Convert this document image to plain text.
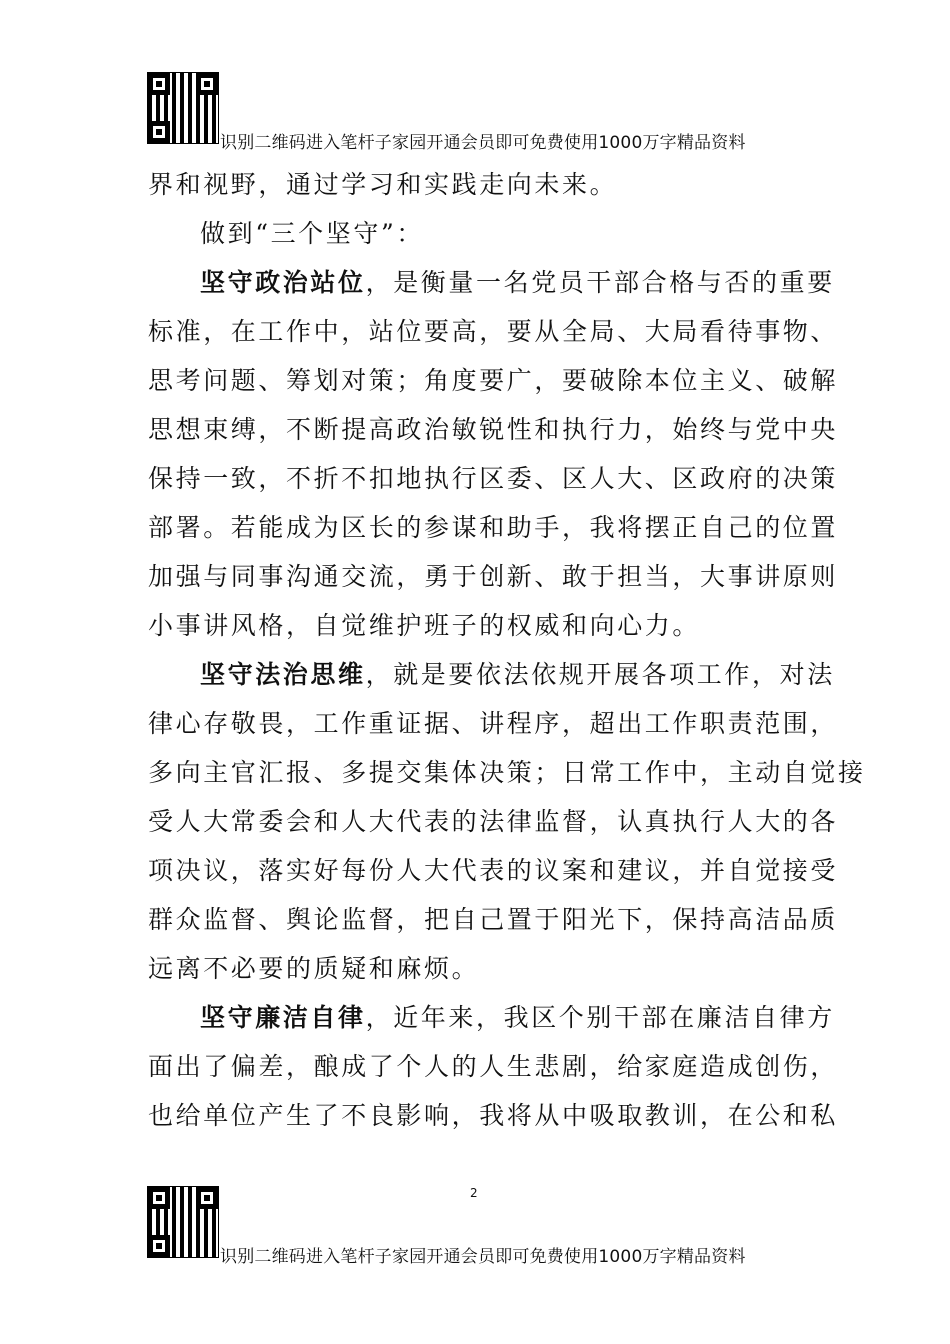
识别二维码进入笔杆子家园开通会员即可免费使用1000万字精品资料
界和视野，通过学习和实践走向未来。
做到“三个坚守”：
坚守政治站位，是衡量一名党员干部合格与否的重要
标准，在工作中，站位要高，要从全局、大局看待事物、
思考问题、筹划对策；角度要广，要破除本位主义、破解
思想束缚，不断提高政治敏锐性和执行力，始终与党中央
保持一致，不折不扣地执行区委、区人大、区政府的决策
部署。若能成为区长的参谋和助手，我将摆正自己的位置
加强与同事沟通交流，勇于创新、敢于担当，大事讲原则
小事讲风格，自觉维护班子的权威和向心力。
坚守法治思维，就是要依法依规开展各项工作，对法
律心存敬畏，工作重证据、讲程序，超出工作职责范围，
多向主官汇报、多提交集体决策；日常工作中，主动自觉接
受人大常委会和人大代表的法律监督，认真执行人大的各
项决议，落实好每份人大代表的议案和建议，并自觉接受
群众监督、舆论监督，把自己置于阳光下，保持高洁品质
远离不必要的质疑和麻烦。
坚守廉洁自律，近年来，我区个别干部在廉洁自律方
面出了偏差，酿成了个人的人生悲剧，给家庭造成创伤，
也给单位产生了不良影响，我将从中吸取教训，在公和私
2
识别二维码进入笔杆子家园开通会员即可免费使用1000万字精品资料
